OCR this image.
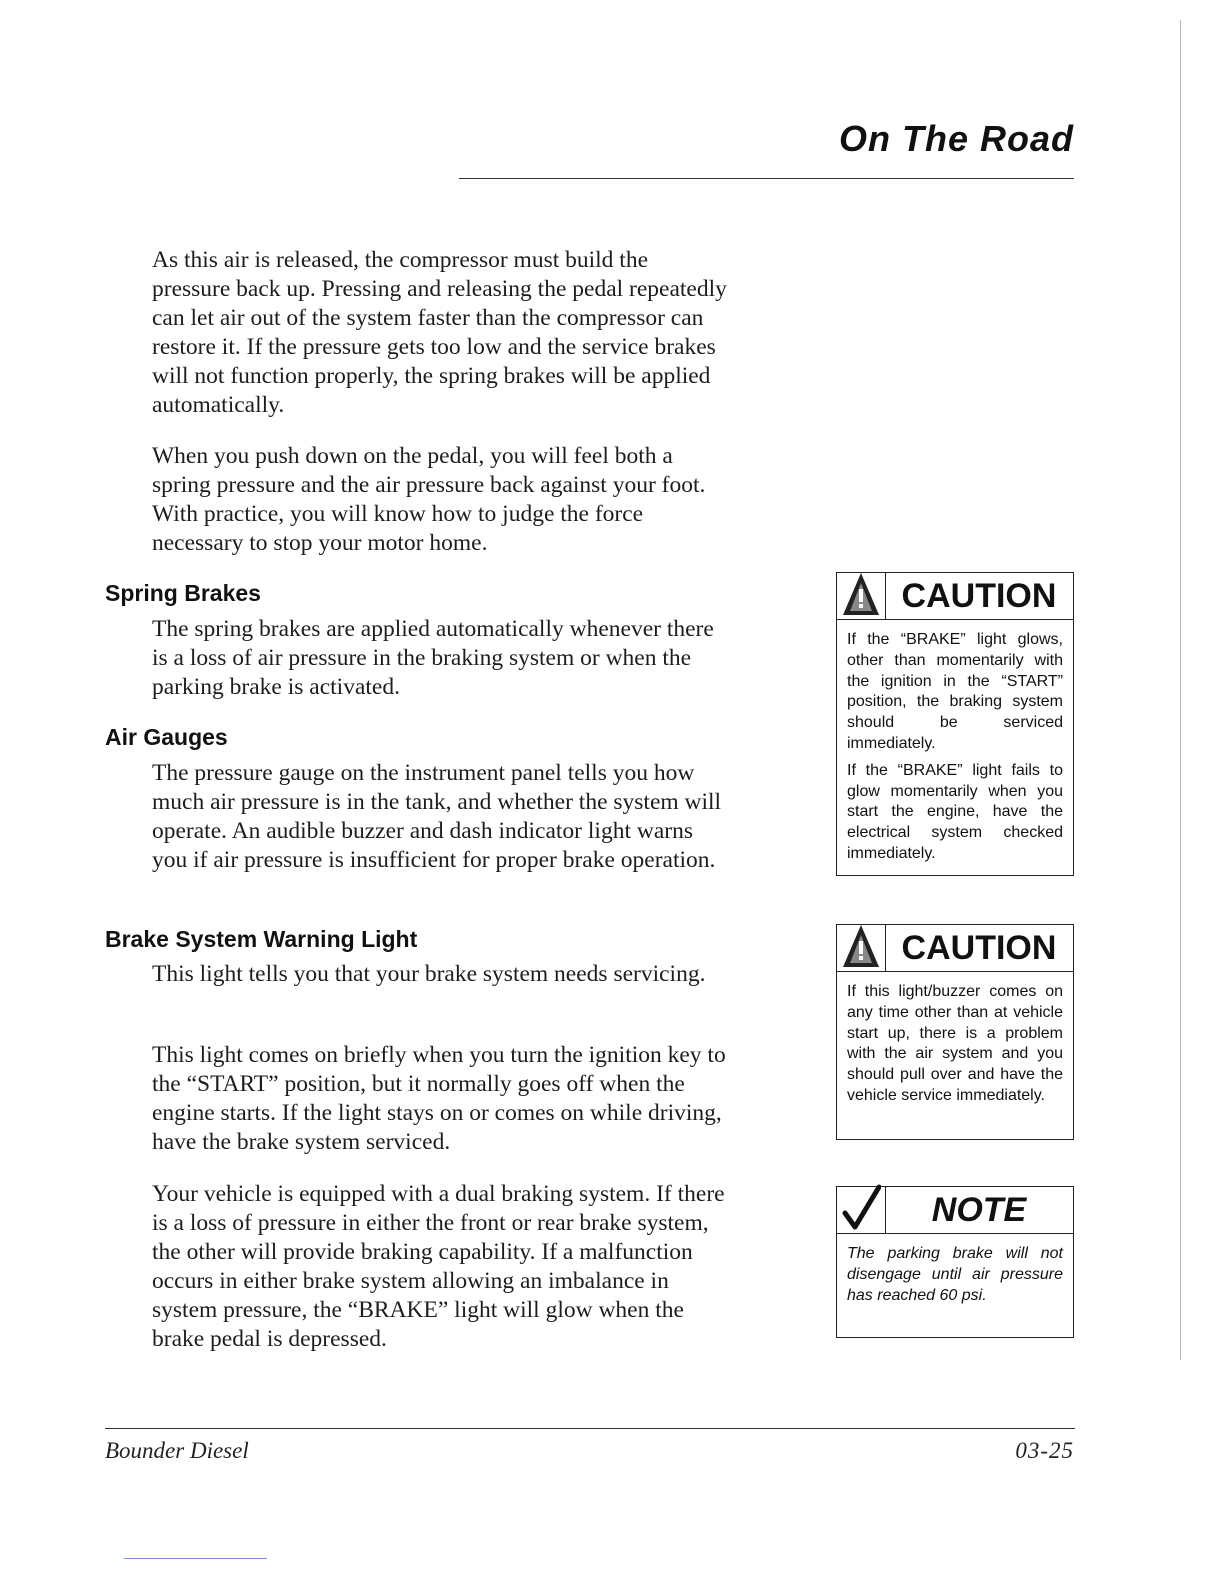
On The Road

As this air is released, the compressor must build the pressure back up. Pressing and releasing the pedal repeatedly can let air out of the system faster than the compressor can restore it. If the pressure gets too low and the service brakes will not function properly, the spring brakes will be applied automatically.

When you push down on the pedal, you will feel both a spring pressure and the air pressure back against your foot. With practice, you will know how to judge the force necessary to stop your motor home.

Spring Brakes

The spring brakes are applied automatically whenever there is a loss of air pressure in the braking system or when the parking brake is activated.

Air Gauges

The pressure gauge on the instrument panel tells you how much air pressure is in the tank, and whether the system will operate. An audible buzzer and dash indicator light warns you if air pressure is insufficient for proper brake operation.

Brake System Warning Light

This light tells you that your brake system needs servicing.

This light comes on briefly when you turn the ignition key to the “START” position, but it normally goes off when the engine starts. If the light stays on or comes on while driving, have the brake system serviced.

Your vehicle is equipped with a dual braking system. If there is a loss of pressure in either the front or rear brake system, the other will provide braking capability. If a malfunction occurs in either brake system allowing an imbalance in system pressure, the “BRAKE” light will glow when the brake pedal is depressed.

CAUTION

If the “BRAKE” light glows, other than momentarily with the ignition in the “START” position, the braking system should be serviced immediately.

If the “BRAKE” light fails to glow momentarily when you start the engine, have the electrical system checked immediately.

CAUTION

If this light/buzzer comes on any time other than at vehicle start up, there is a problem with the air system and you should pull over and have the vehicle service immediately.

NOTE

The parking brake will not disengage until air pressure has reached 60 psi.

Bounder Diesel	03-25
